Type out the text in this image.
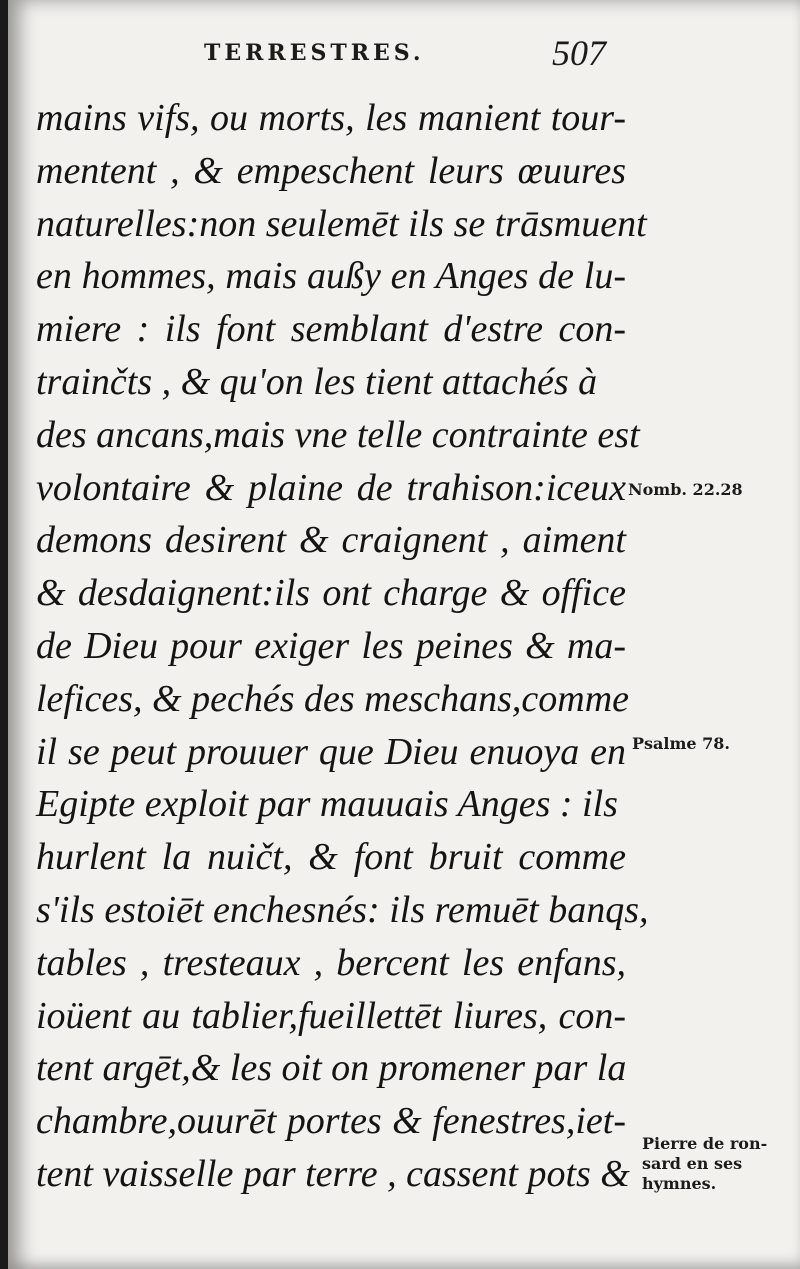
TERRESTRES.	507
mains vifs, ou morts, les manient tour-
mentent , & empeschent leurs œuures
naturelles:non seulemēt ils se trāsmuent
en hommes, mais außy en Anges de lu-
miere : ils font semblant d'estre con-
trainčts , & qu'on les tient attachés à
des ancans,mais vne telle contrainte est
volontaire & plaine de trahison:iceux
demons desirent & craignent , aiment
& desdaignent:ils ont charge & office
de Dieu pour exiger les peines & ma-
lefices, & pechés des meschans,comme
il se peut prouuer que Dieu enuoya en
Egipte exploit par mauuais Anges : ils
hurlent la nuičt, & font bruit comme
s'ils estoiēt enchesnés: ils remuēt banqs,
tables , tresteaux , bercent les enfans,
ioüent au tablier,fueillettēt liures, con-
tent argēt,& les oit on promener par la
chambre,ouurēt portes & fenestres,iet-
tent vaisselle par terre , cassent pots &
Nomb. 22.28
Psalme 78.
Pierre de ron-
sard en ses
hymnes.
